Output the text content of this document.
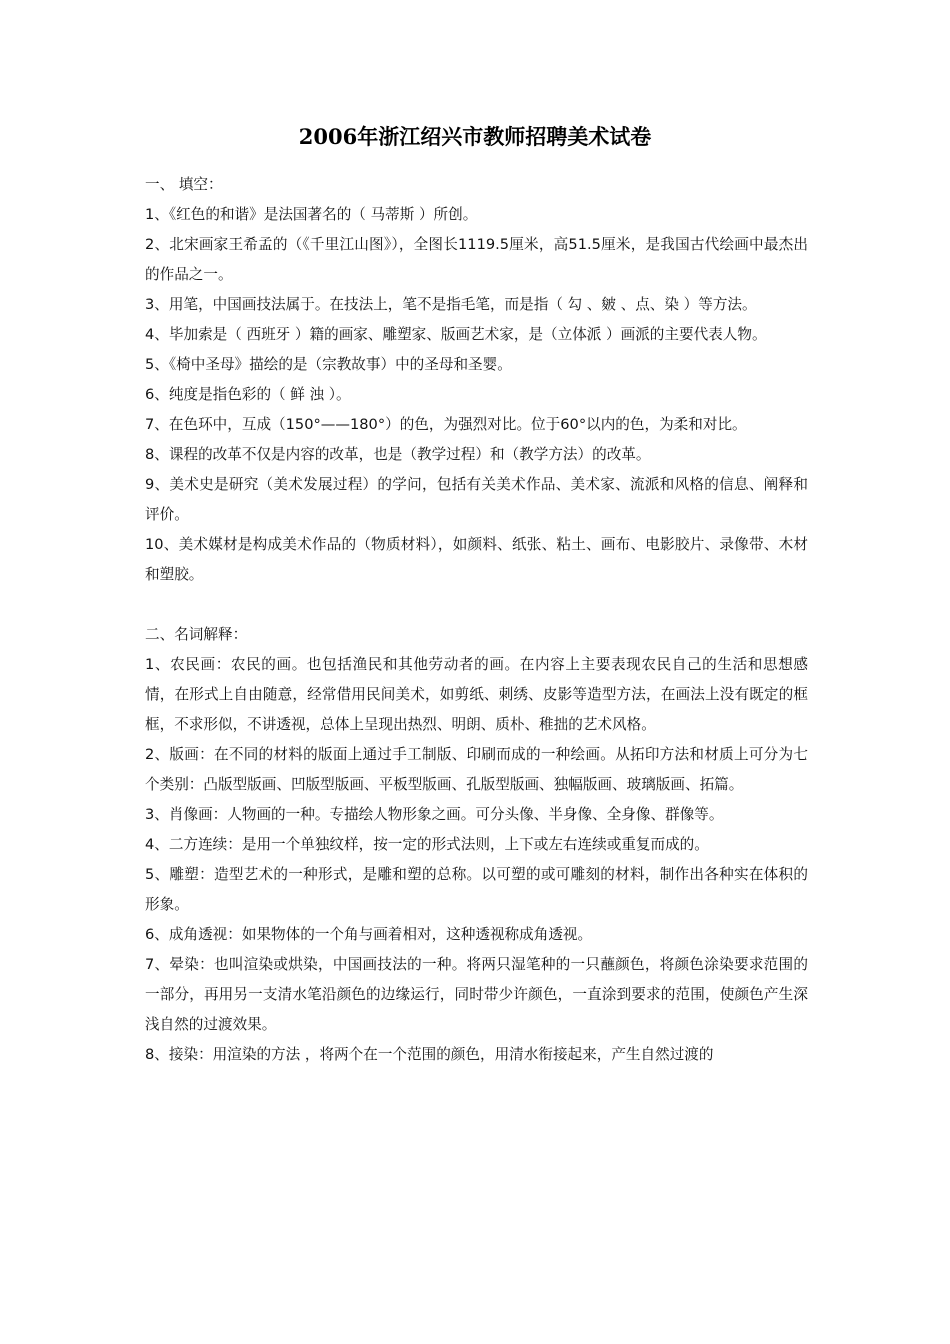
2006年浙江绍兴市教师招聘美术试卷
一、 填空：
1、《红色的和谐》是法国著名的（ 马蒂斯 ）所创。
2、北宋画家王希孟的（《千里江山图》），全图长1119.5厘米，高51.5厘米，是我国古代绘画中最杰出的作品之一。
3、用笔，中国画技法属于。在技法上，笔不是指毛笔，而是指（ 勾 、皴 、点、染 ）等方法。
4、毕加索是（ 西班牙 ）籍的画家、雕塑家、版画艺术家，是（立体派 ）画派的主要代表人物。
5、《椅中圣母》描绘的是（宗教故事）中的圣母和圣婴。
6、纯度是指色彩的（ 鲜 浊 ）。
7、在色环中，互成（150°——180°）的色，为强烈对比。位于60°以内的色，为柔和对比。
8、课程的改革不仅是内容的改革，也是（教学过程）和（教学方法）的改革。
9、美术史是研究（美术发展过程）的学问，包括有关美术作品、美术家、流派和风格的信息、阐释和评价。
10、美术媒材是构成美术作品的（物质材料），如颜料、纸张、粘土、画布、电影胶片、录像带、木材和塑胶。
二、名词解释：
1、农民画：农民的画。也包括渔民和其他劳动者的画。在内容上主要表现农民自己的生活和思想感情，在形式上自由随意，经常借用民间美术，如剪纸、刺绣、皮影等造型方法，在画法上没有既定的框框，不求形似，不讲透视，总体上呈现出热烈、明朗、质朴、稚拙的艺术风格。
2、版画：在不同的材料的版面上通过手工制版、印刷而成的一种绘画。从拓印方法和材质上可分为七个类别：凸版型版画、凹版型版画、平板型版画、孔版型版画、独幅版画、玻璃版画、拓篇。
3、肖像画：人物画的一种。专描绘人物形象之画。可分头像、半身像、全身像、群像等。
4、二方连续：是用一个单独纹样，按一定的形式法则，上下或左右连续或重复而成的。
5、雕塑：造型艺术的一种形式，是雕和塑的总称。以可塑的或可雕刻的材料，制作出各种实在体积的形象。
6、成角透视：如果物体的一个角与画着相对，这种透视称成角透视。
7、晕染：也叫渲染或烘染，中国画技法的一种。将两只湿笔种的一只蘸颜色，将颜色涂染要求范围的一部分，再用另一支清水笔沿颜色的边缘运行，同时带少许颜色，一直涂到要求的范围，使颜色产生深浅自然的过渡效果。
8、接染：用渲染的方法 ，将两个在一个范围的颜色，用清水衔接起来，产生自然过渡的
